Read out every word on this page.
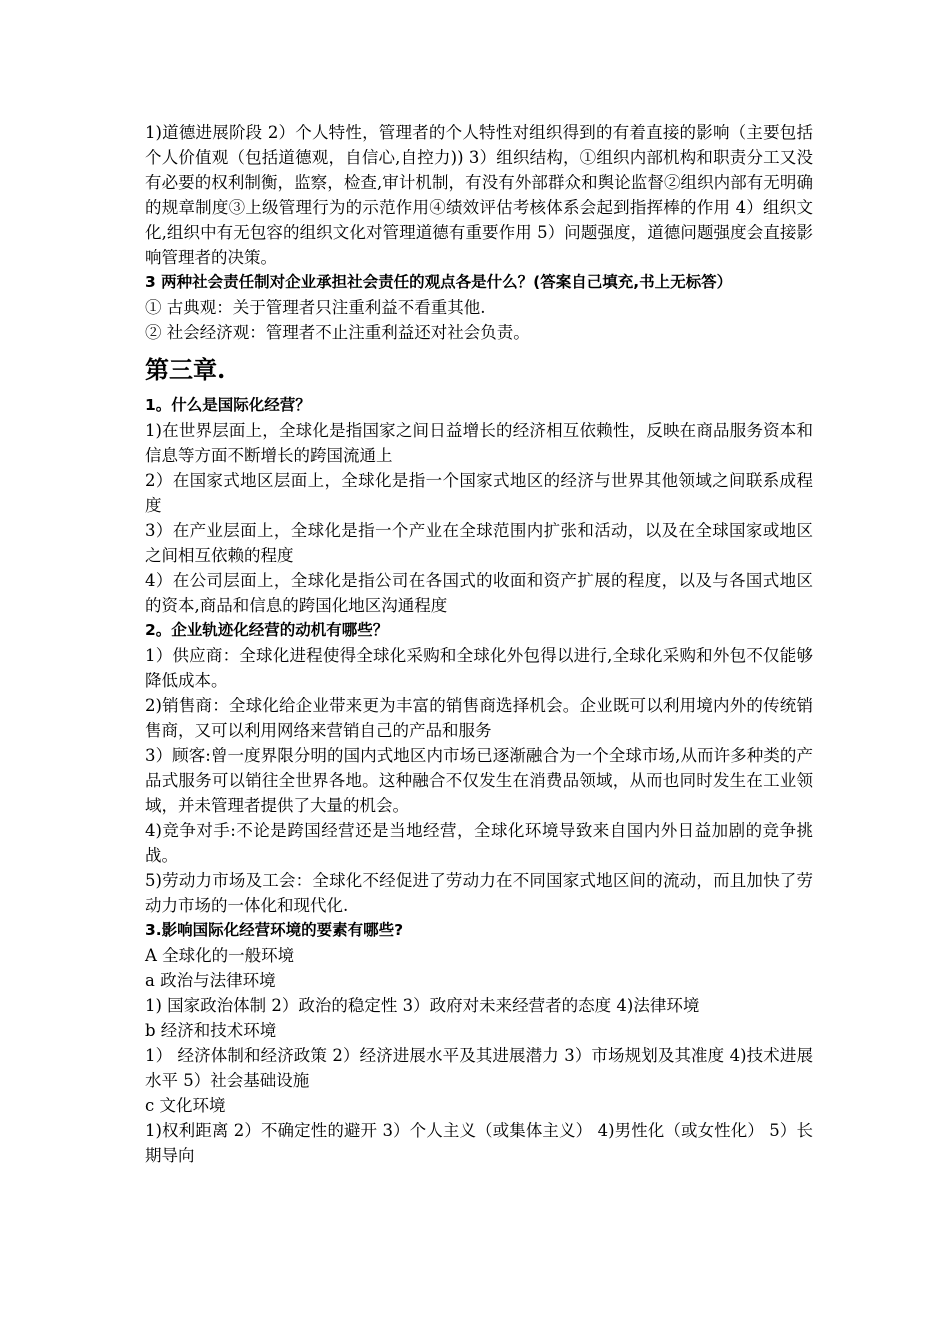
1)道德进展阶段 2）个人特性，管理者的个人特性对组织得到的有着直接的影响（主要包括个人价值观（包括道德观，自信心,自控力)) 3）组织结构，①组织内部机构和职责分工又没有必要的权利制衡，监察，检查,审计机制，有没有外部群众和舆论监督②组织内部有无明确的规章制度③上级管理行为的示范作用④绩效评估考核体系会起到指挥棒的作用 4）组织文化,组织中有无包容的组织文化对管理道德有重要作用 5）问题强度，道德问题强度会直接影响管理者的决策。

3 两种社会责任制对企业承担社会责任的观点各是什么？(答案自己填充,书上无标答）

① 古典观：关于管理者只注重利益不看重其他.

② 社会经济观：管理者不止注重利益还对社会负责。

第三章.

1。什么是国际化经营？

1)在世界层面上，全球化是指国家之间日益增长的经济相互依赖性，反映在商品服务资本和信息等方面不断增长的跨国流通上

2）在国家式地区层面上，全球化是指一个国家式地区的经济与世界其他领域之间联系成程度

3）在产业层面上，全球化是指一个产业在全球范围内扩张和活动，以及在全球国家或地区之间相互依赖的程度

4）在公司层面上，全球化是指公司在各国式的收面和资产扩展的程度，以及与各国式地区的资本,商品和信息的跨国化地区沟通程度

2。企业轨迹化经营的动机有哪些？

1）供应商：全球化进程使得全球化采购和全球化外包得以进行,全球化采购和外包不仅能够降低成本。

2)销售商：全球化给企业带来更为丰富的销售商选择机会。企业既可以利用境内外的传统销售商，又可以利用网络来营销自己的产品和服务

3）顾客:曾一度界限分明的国内式地区内市场已逐渐融合为一个全球市场,从而许多种类的产品式服务可以销往全世界各地。这种融合不仅发生在消费品领域，从而也同时发生在工业领域，并未管理者提供了大量的机会。

4)竞争对手:不论是跨国经营还是当地经营，全球化环境导致来自国内外日益加剧的竞争挑战。

5)劳动力市场及工会：全球化不经促进了劳动力在不同国家式地区间的流动，而且加快了劳动力市场的一体化和现代化.

3.影响国际化经营环境的要素有哪些?

A 全球化的一般环境

a 政治与法律环境

1) 国家政治体制 2）政治的稳定性 3）政府对未来经营者的态度 4)法律环境

b 经济和技术环境

1） 经济体制和经济政策 2）经济进展水平及其进展潜力 3）市场规划及其准度 4)技术进展水平 5）社会基础设施

c 文化环境

1)权利距离 2）不确定性的避开 3）个人主义（或集体主义） 4)男性化（或女性化） 5）长期导向
